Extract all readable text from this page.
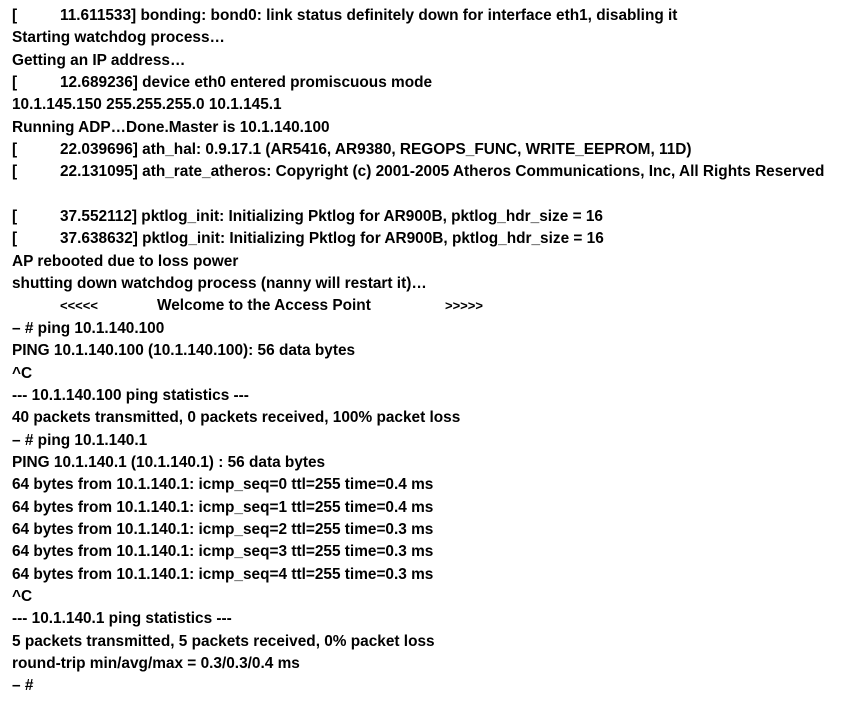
[	11.611533] bonding: bond0: link status definitely down for interface eth1, disabling it
Starting watchdog process…
Getting an IP address…
[	12.689236] device eth0 entered promiscuous mode
10.1.145.150 255.255.255.0 10.1.145.1
Running ADP…Done.Master is 10.1.140.100
[	22.039696] ath_hal: 0.9.17.1 (AR5416, AR9380, REGOPS_FUNC, WRITE_EEPROM, 11D)
[	22.131095] ath_rate_atheros: Copyright (c) 2001-2005 Atheros Communications, Inc, All Rights Reserved
[	37.552112] pktlog_init: Initializing Pktlog for AR900B, pktlog_hdr_size = 16
[	37.638632] pktlog_init: Initializing Pktlog for AR900B, pktlog_hdr_size = 16
AP rebooted due to loss power
shutting down watchdog process (nanny will restart it)…
<<<<<	Welcome to the Access Point	>>>>>
– # ping 10.1.140.100
PING 10.1.140.100 (10.1.140.100): 56 data bytes
^C
--- 10.1.140.100 ping statistics ---
40 packets transmitted, 0 packets received, 100% packet loss
– # ping 10.1.140.1
PING 10.1.140.1 (10.1.140.1) : 56 data bytes
64 bytes from 10.1.140.1: icmp_seq=0 ttl=255 time=0.4 ms
64 bytes from 10.1.140.1: icmp_seq=1 ttl=255 time=0.4 ms
64 bytes from 10.1.140.1: icmp_seq=2 ttl=255 time=0.3 ms
64 bytes from 10.1.140.1: icmp_seq=3 ttl=255 time=0.3 ms
64 bytes from 10.1.140.1: icmp_seq=4 ttl=255 time=0.3 ms
^C
--- 10.1.140.1 ping statistics ---
5 packets transmitted, 5 packets received, 0% packet loss
round-trip min/avg/max = 0.3/0.3/0.4 ms
– #
